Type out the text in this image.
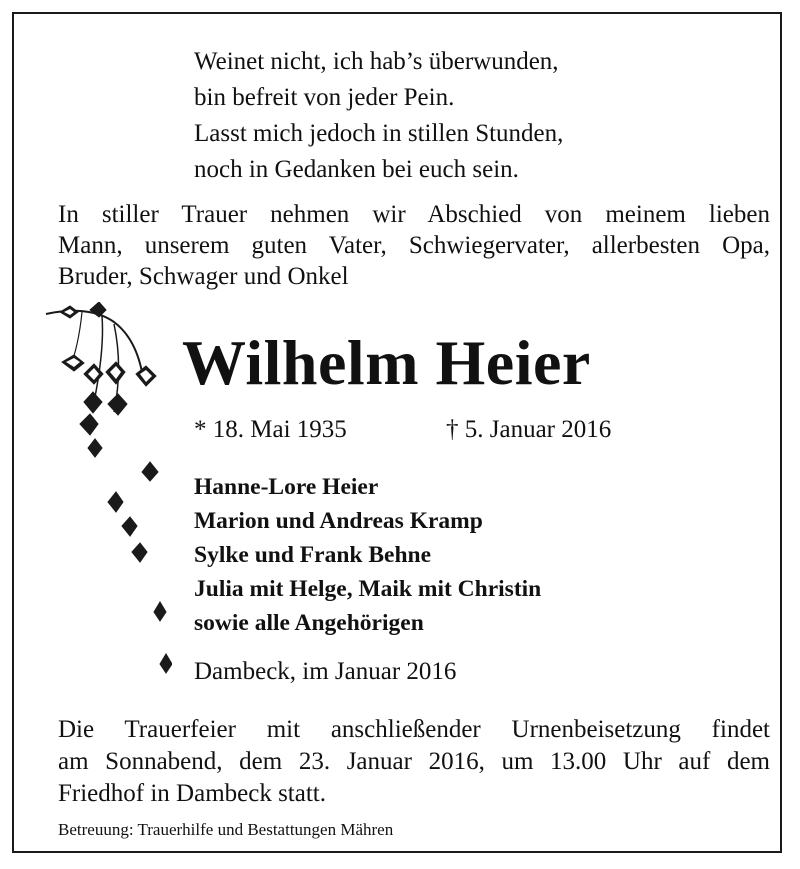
Weinet nicht, ich hab’s überwunden,
bin befreit von jeder Pein.
Lasst mich jedoch in stillen Stunden,
noch in Gedanken bei euch sein.
In stiller Trauer nehmen wir Abschied von meinem lieben
Mann, unserem guten Vater, Schwiegervater, allerbesten Opa,
Bruder, Schwager und Onkel
Wilhelm Heier
* 18. Mai 1935	† 5. Januar 2016
Hanne-Lore Heier
Marion und Andreas Kramp
Sylke und Frank Behne
Julia mit Helge, Maik mit Christin
sowie alle Angehörigen
Dambeck, im Januar 2016
Die Trauerfeier mit anschließender Urnenbeisetzung findet
am Sonnabend, dem 23. Januar 2016, um 13.00 Uhr auf dem
Friedhof in Dambeck statt.
Betreuung: Trauerhilfe und Bestattungen Mähren
